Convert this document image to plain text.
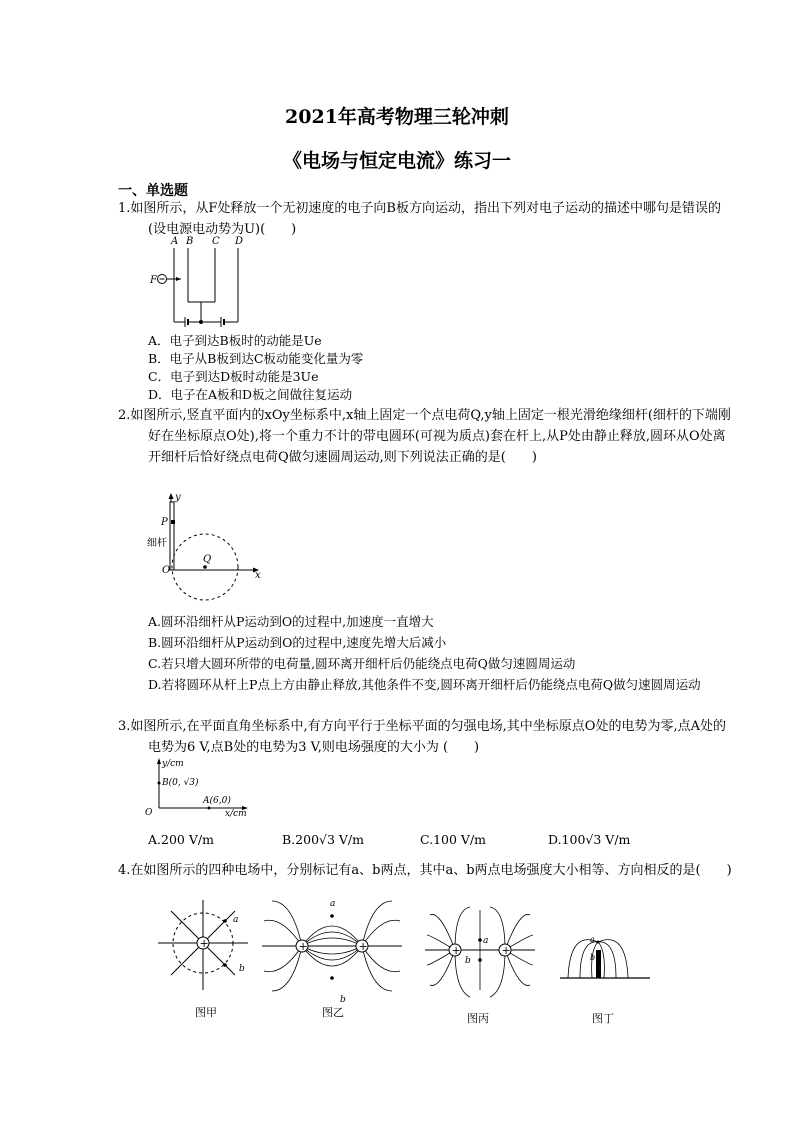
2021年高考物理三轮冲刺
《电场与恒定电流》练习一
一、单选题
1.如图所示，从F处释放一个无初速度的电子向B板方向运动，指出下列对电子运动的描述中哪句是错误的(设电源电动势为U)(　　)
A B C D
F
A．电子到达B板时的动能是Ue
B．电子从B板到达C板动能变化量为零
C．电子到达D板时动能是3Ue
D．电子在A板和D板之间做往复运动
2.如图所示,竖直平面内的xOy坐标系中,x轴上固定一个点电荷Q,y轴上固定一根光滑绝缘细杆(细杆的下端刚好在坐标原点O处),将一个重力不计的带电圆环(可视为质点)套在杆上,从P处由静止释放,圆环从O处离开细杆后恰好绕点电荷Q做匀速圆周运动,则下列说法正确的是(　　)
y
P
细杆
O	x
Q
A.圆环沿细杆从P运动到O的过程中,加速度一直增大
B.圆环沿细杆从P运动到O的过程中,速度先增大后减小
C.若只增大圆环所带的电荷量,圆环离开细杆后仍能绕点电荷Q做匀速圆周运动
D.若将圆环从杆上P点上方由静止释放,其他条件不变,圆环离开细杆后仍能绕点电荷Q做匀速圆周运动
3.如图所示,在平面直角坐标系中,有方向平行于坐标平面的匀强电场,其中坐标原点O处的电势为零,点A处的电势为6 V,点B处的电势为3 V,则电场强度的大小为 (　　)
y/cm
B(0, √3)
O
A(6,0)
x/cm
A.200 V/m	B.200√3 V/m	C.100 V/m	D.100√3 V/m
4.在如图所示的四种电场中，分别标记有a、b两点，其中a、b两点电场强度大小相等、方向相反的是(　　)
+
a
b
图甲
+	+
a
b
图乙
+	+
a
b
图丙
a
b
图丁
